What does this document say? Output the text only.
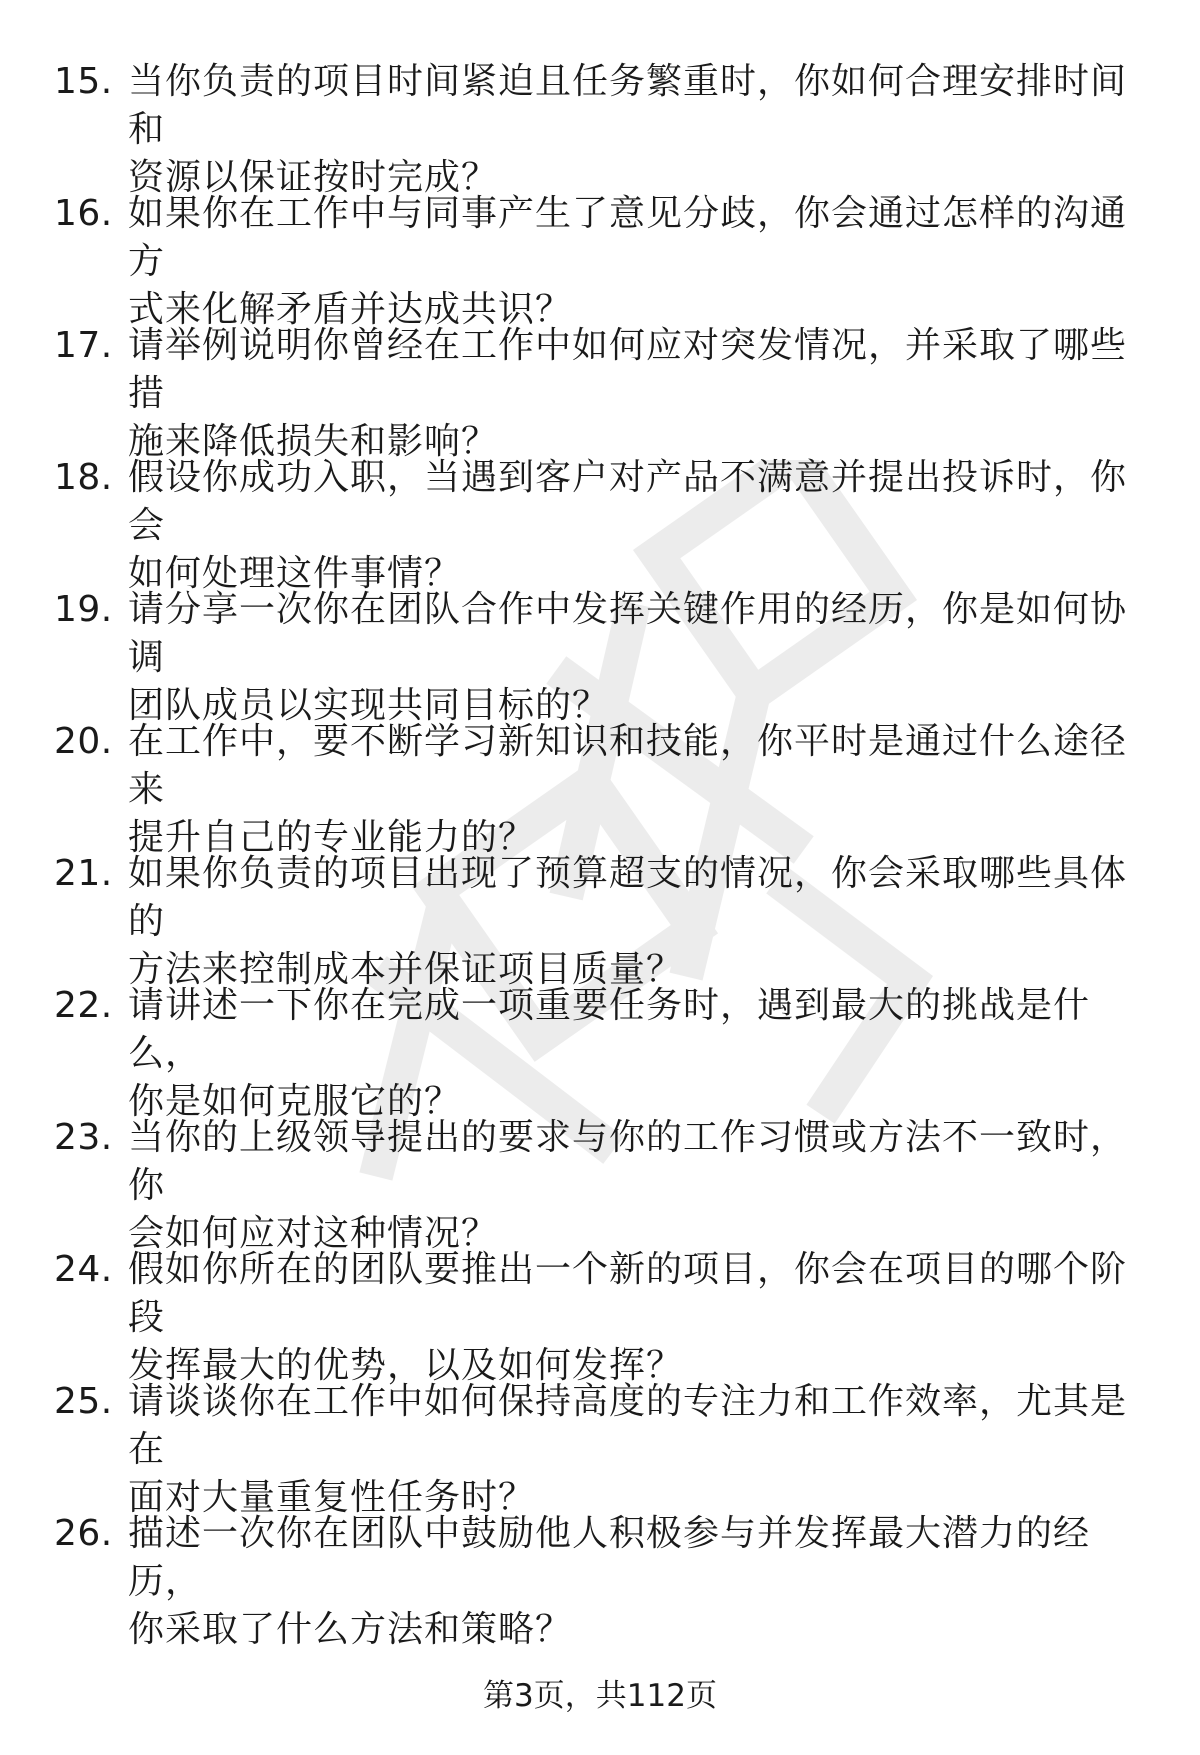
15. 当你负责的项目时间紧迫且任务繁重时，你如何合理安排时间和
资源以保证按时完成？
16. 如果你在工作中与同事产生了意见分歧，你会通过怎样的沟通方
式来化解矛盾并达成共识？
17. 请举例说明你曾经在工作中如何应对突发情况，并采取了哪些措
施来降低损失和影响？
18. 假设你成功入职，当遇到客户对产品不满意并提出投诉时，你会
如何处理这件事情？
19. 请分享一次你在团队合作中发挥关键作用的经历，你是如何协调
团队成员以实现共同目标的？
20. 在工作中，要不断学习新知识和技能，你平时是通过什么途径来
提升自己的专业能力的？
21. 如果你负责的项目出现了预算超支的情况，你会采取哪些具体的
方法来控制成本并保证项目质量？
22. 请讲述一下你在完成一项重要任务时，遇到最大的挑战是什么，
你是如何克服它的？
23. 当你的上级领导提出的要求与你的工作习惯或方法不一致时，你
会如何应对这种情况？
24. 假如你所在的团队要推出一个新的项目，你会在项目的哪个阶段
发挥最大的优势，以及如何发挥？
25. 请谈谈你在工作中如何保持高度的专注力和工作效率，尤其是在
面对大量重复性任务时？
26. 描述一次你在团队中鼓励他人积极参与并发挥最大潜力的经历，
你采取了什么方法和策略？
第3页，共112页
